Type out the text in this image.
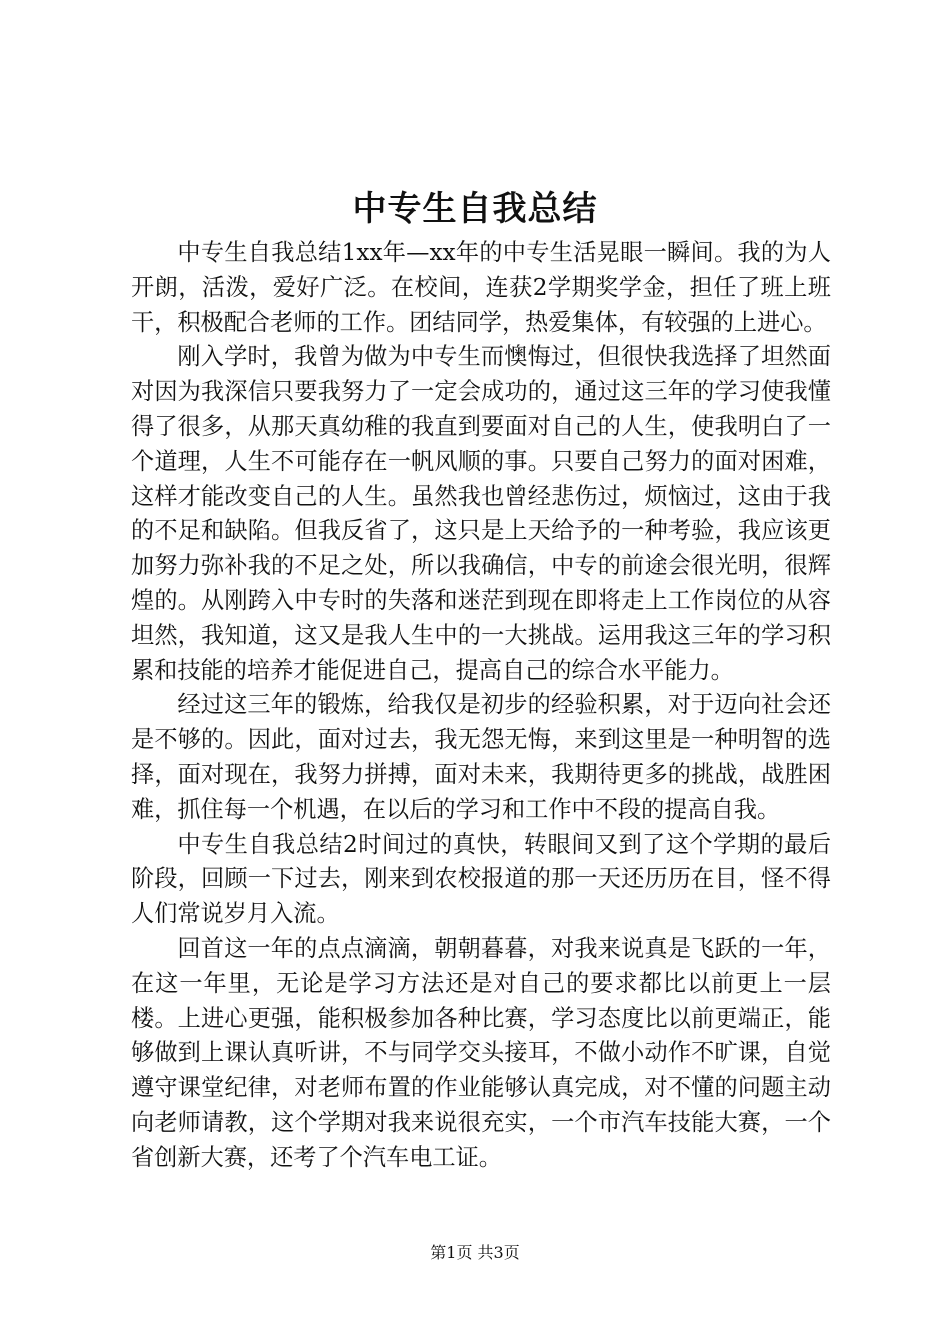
中专生自我总结

中专生自我总结1xx年—xx年的中专生活晃眼一瞬间。我的为人开朗，活泼，爱好广泛。在校间，连获2学期奖学金，担任了班上班干，积极配合老师的工作。团结同学，热爱集体，有较强的上进心。

刚入学时，我曾为做为中专生而懊悔过，但很快我选择了坦然面对因为我深信只要我努力了一定会成功的，通过这三年的学习使我懂得了很多，从那天真幼稚的我直到要面对自己的人生，使我明白了一个道理，人生不可能存在一帆风顺的事。只要自己努力的面对困难，这样才能改变自己的人生。虽然我也曾经悲伤过，烦恼过，这由于我的不足和缺陷。但我反省了，这只是上天给予的一种考验，我应该更加努力弥补我的不足之处，所以我确信，中专的前途会很光明，很辉煌的。从刚跨入中专时的失落和迷茫到现在即将走上工作岗位的从容坦然，我知道，这又是我人生中的一大挑战。运用我这三年的学习积累和技能的培养才能促进自己，提高自己的综合水平能力。

经过这三年的锻炼，给我仅是初步的经验积累，对于迈向社会还是不够的。因此，面对过去，我无怨无悔，来到这里是一种明智的选择，面对现在，我努力拼搏，面对未来，我期待更多的挑战，战胜困难，抓住每一个机遇，在以后的学习和工作中不段的提高自我。

中专生自我总结2时间过的真快，转眼间又到了这个学期的最后阶段，回顾一下过去，刚来到农校报道的那一天还历历在目，怪不得人们常说岁月入流。

回首这一年的点点滴滴，朝朝暮暮，对我来说真是飞跃的一年，在这一年里，无论是学习方法还是对自己的要求都比以前更上一层楼。上进心更强，能积极参加各种比赛，学习态度比以前更端正，能够做到上课认真听讲，不与同学交头接耳，不做小动作不旷课，自觉遵守课堂纪律，对老师布置的作业能够认真完成，对不懂的问题主动向老师请教，这个学期对我来说很充实，一个市汽车技能大赛，一个省创新大赛，还考了个汽车电工证。

第1页 共3页
